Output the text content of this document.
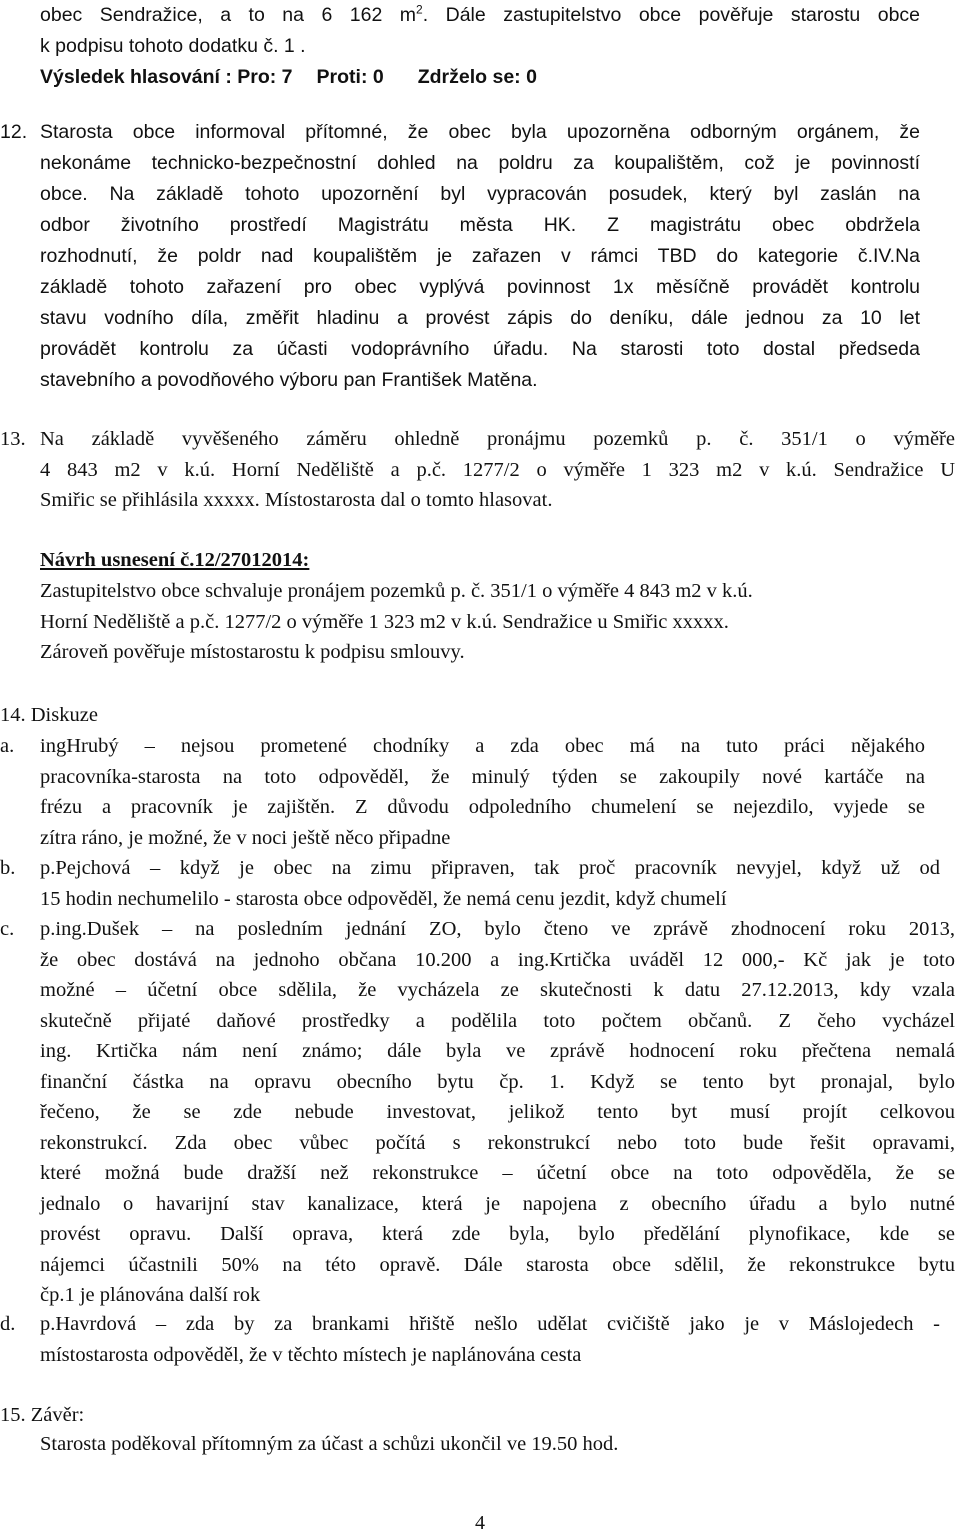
obec Sendražice, a to na 6 162 $m^2$. Dále zastupitelstvo obce pověřuje starostu obce
k podpisu tohoto dodatku č. 1 .
Výsledek hlasování : Pro: 7 Proti: 0 Zdrželo se: 0
12. Starosta obce informoval přítomné, že obec byla upozorněna odborným orgánem, že
nekonáme technicko-bezpečnostní dohled na poldru za koupalištěm, což je povinností
obce. Na základě tohoto upozornění byl vypracován posudek, který byl zaslán na
odbor životního prostředí Magistrátu města HK. Z magistrátu obec obdržela
rozhodnutí, že poldr nad koupalištěm je zařazen v rámci TBD do kategorie č.IV.Na
základě tohoto zařazení pro obec vyplývá povinnost 1x měsíčně provádět kontrolu
stavu vodního díla, změřit hladinu a provést zápis do deníku, dále jednou za 10 let
provádět kontrolu za účasti vodoprávního úřadu. Na starosti toto dostal předseda
stavebního a povodňového výboru pan František Matěna.
13. Na základě vyvěšeného záměru ohledně pronájmu pozemků p. č. 351/1 o výměře
4 843 m2 v k.ú. Horní Neděliště a p.č. 1277/2 o výměře 1 323 m2 v k.ú. Sendražice U
Smiřic se přihlásila xxxxx. Místostarosta dal o tomto hlasovat.
Návrh usnesení č.12/27012014:
Zastupitelstvo obce schvaluje pronájem pozemků p. č. 351/1 o výměře 4 843 m2 v k.ú.
Horní Neděliště a p.č. 1277/2 o výměře 1 323 m2 v k.ú. Sendražice u Smiřic xxxxx.
Zároveň pověřuje místostarostu k podpisu smlouvy.
14. Diskuze
a. ingHrubý – nejsou prometené chodníky a zda obec má na tuto práci nějakého
pracovníka-starosta na toto odpověděl, že minulý týden se zakoupily nové kartáče na
frézu a pracovník je zajištěn. Z důvodu odpoledního chumelení se nejezdilo, vyjede se
zítra ráno, je možné, že v noci ještě něco připadne
b. p.Pejchová – když je obec na zimu připraven, tak proč pracovník nevyjel, když už od
15 hodin nechumelilo - starosta obce odpověděl, že nemá cenu jezdit, když chumelí
c. p.ing.Dušek – na posledním jednání ZO, bylo čteno ve zprávě zhodnocení roku 2013,
že obec dostává na jednoho občana 10.200 a ing.Krtička uváděl 12 000,- Kč jak je toto
možné – účetní obce sdělila, že vycházela ze skutečnosti k datu 27.12.2013, kdy vzala
skutečně přijaté daňové prostředky a podělila toto počtem občanů. Z čeho vycházel
ing. Krtička nám není známo; dále byla ve zprávě hodnocení roku přečtena nemalá
finanční částka na opravu obecního bytu čp. 1. Když se tento byt pronajal, bylo
řečeno, že se zde nebude investovat, jelikož tento byt musí projít celkovou
rekonstrukcí. Zda obec vůbec počítá s rekonstrukcí nebo toto bude řešit opravami,
které možná bude dražší než rekonstrukce – účetní obce na toto odpověděla, že se
jednalo o havarijní stav kanalizace, která je napojena z obecního úřadu a bylo nutné
provést opravu. Další oprava, která zde byla, bylo předělání plynofikace, kde se
nájemci účastnili 50% na této opravě. Dále starosta obce sdělil, že rekonstrukce bytu
čp.1 je plánována další rok
d. p.Havrdová – zda by za brankami hřiště nešlo udělat cvičiště jako je v Máslojedech -
místostarosta odpověděl, že v těchto místech je naplánována cesta
15. Závěr:
Starosta poděkoval přítomným za účast a schůzi ukončil ve 19.50 hod.
4
